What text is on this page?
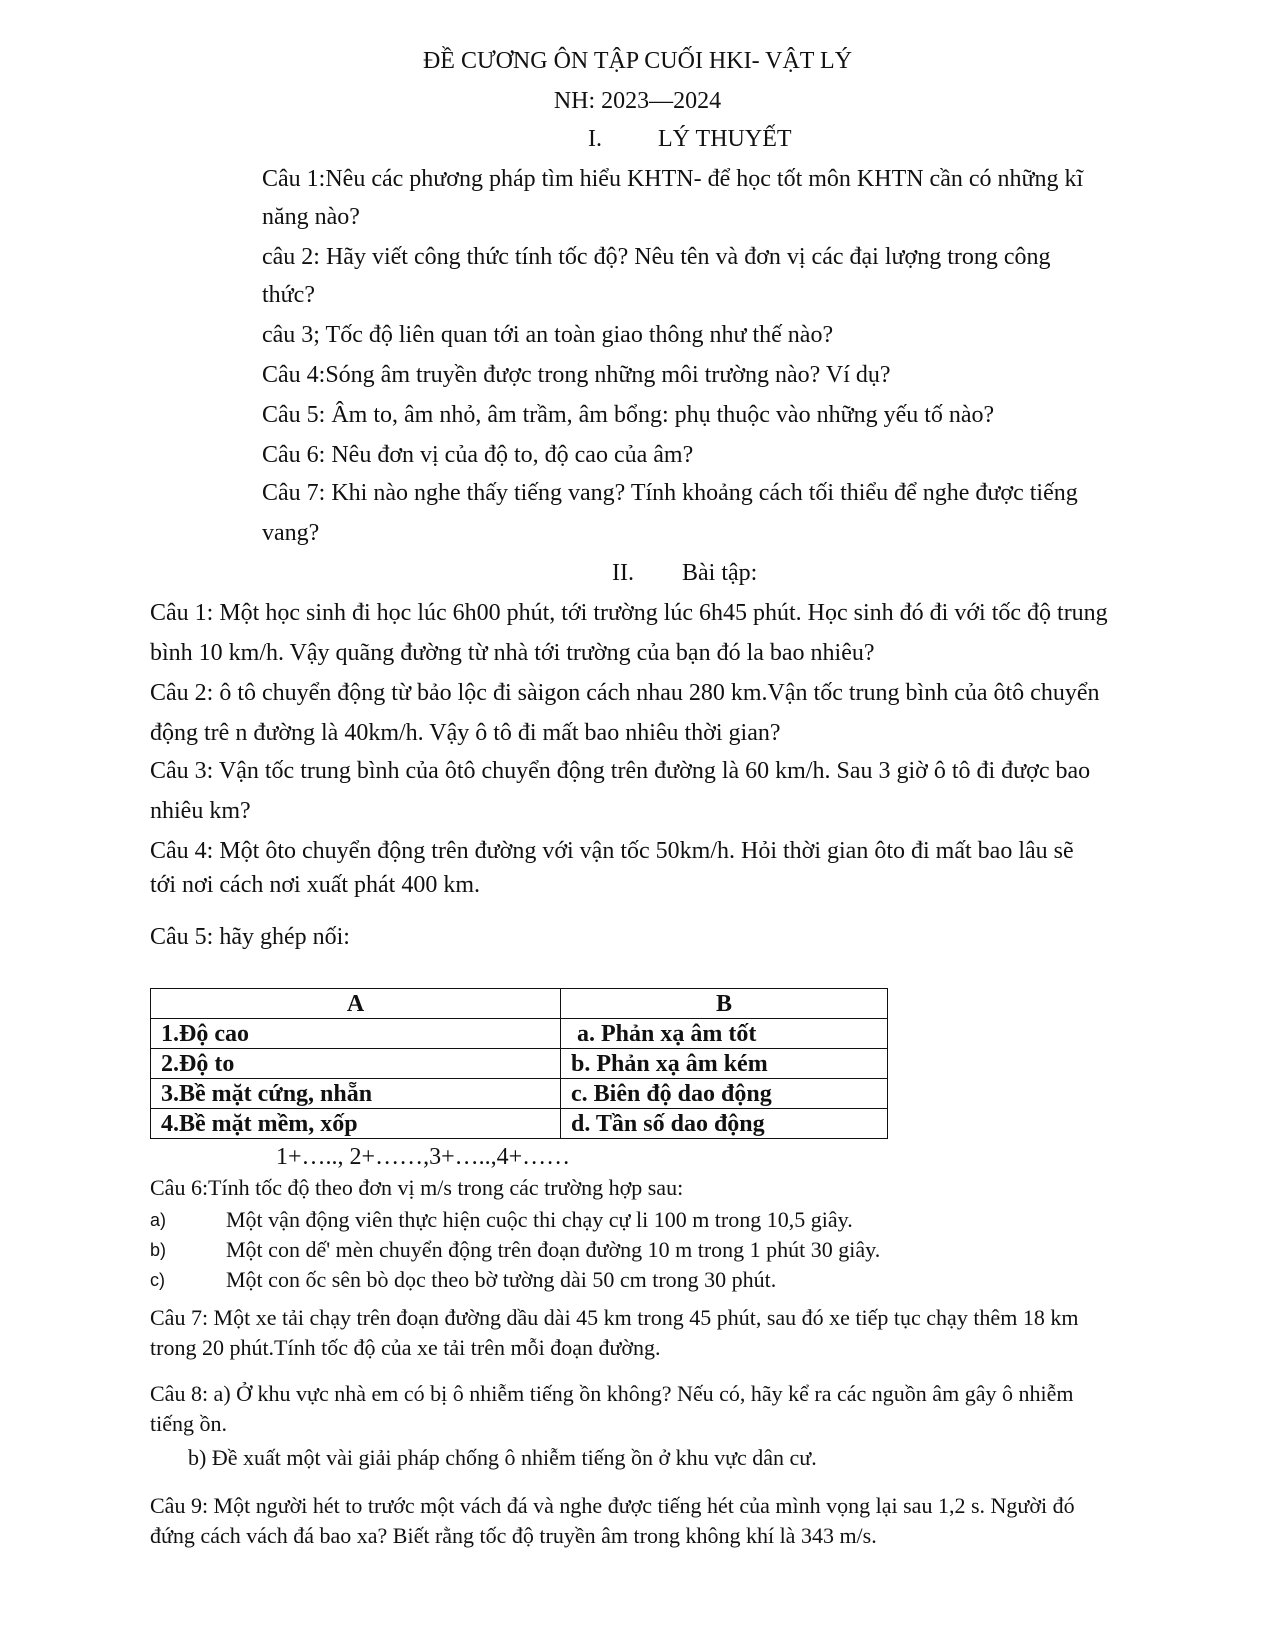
ĐỀ CƯƠNG ÔN TẬP CUỐI HKI- VẬT LÝ
NH: 2023—2024
I. LÝ THUYẾT
Câu 1:Nêu các phương pháp tìm hiểu KHTN- để học tốt môn KHTN cần có những kĩ
năng nào?
câu 2: Hãy viết công thức tính tốc độ? Nêu tên và đơn vị các đại lượng trong công
thức?
câu 3; Tốc độ liên quan tới an toàn giao thông như thế nào?
Câu 4:Sóng âm truyền được trong những môi trường nào? Ví dụ?
Câu 5: Âm to, âm nhỏ, âm trầm, âm bổng: phụ thuộc vào những yếu tố nào?
Câu 6: Nêu đơn vị của độ to, độ cao của âm?
Câu 7: Khi nào nghe thấy tiếng vang? Tính khoảng cách tối thiểu để nghe được tiếng
vang?
II. Bài tập:
Câu 1: Một học sinh đi học lúc 6h00 phút, tới trường lúc 6h45 phút. Học sinh đó đi với tốc độ trung
bình 10 km/h. Vậy quãng đường từ nhà tới trường của bạn đó la bao nhiêu?
Câu 2: ô tô chuyển động từ bảo lộc đi sàigon cách nhau 280 km.Vận tốc trung bình của ôtô chuyển
động trê n đường là 40km/h. Vậy ô tô đi mất bao nhiêu thời gian?
Câu 3: Vận tốc trung bình của ôtô chuyển động trên đường là 60 km/h. Sau 3 giờ ô tô đi được bao
nhiêu km?
Câu 4: Một ôto chuyển động trên đường với vận tốc 50km/h. Hỏi thời gian ôto đi mất bao lâu sẽ
tới nơi cách nơi xuất phát 400 km.
Câu 5: hãy ghép nối:
A	B
1.Độ cao	a. Phản xạ âm tốt
2.Độ to	b. Phản xạ âm kém
3.Bề mặt cứng, nhẵn	c. Biên độ dao động
4.Bề mặt mềm, xốp	d. Tần số dao động
1+….., 2+……,3+…..,4+……
Câu 6:Tính tốc độ theo đơn vị m/s trong các trường hợp sau:
a)	Một vận động viên thực hiện cuộc thi chạy cự li 100 m trong 10,5 giây.
b)	Một con dế' mèn chuyển động trên đoạn đường 10 m trong 1 phút 30 giây.
c)	Một con ốc sên bò dọc theo bờ tường dài 50 cm trong 30 phút.
Câu 7: Một xe tải chạy trên đoạn đường dầu dài 45 km trong 45 phút, sau đó xe tiếp tục chạy thêm 18 km
trong 20 phút.Tính tốc độ của xe tải trên mỗi đoạn đường.
Câu 8: a) Ở khu vực nhà em có bị ô nhiễm tiếng ồn không? Nếu có, hãy kể ra các nguồn âm gây ô nhiễm
tiếng ồn.
b) Đề xuất một vài giải pháp chống ô nhiễm tiếng ồn ở khu vực dân cư.
Câu 9: Một người hét to trước một vách đá và nghe được tiếng hét của mình vọng lại sau 1,2 s. Người đó
đứng cách vách đá bao xa? Biết rằng tốc độ truyền âm trong không khí là 343 m/s.
